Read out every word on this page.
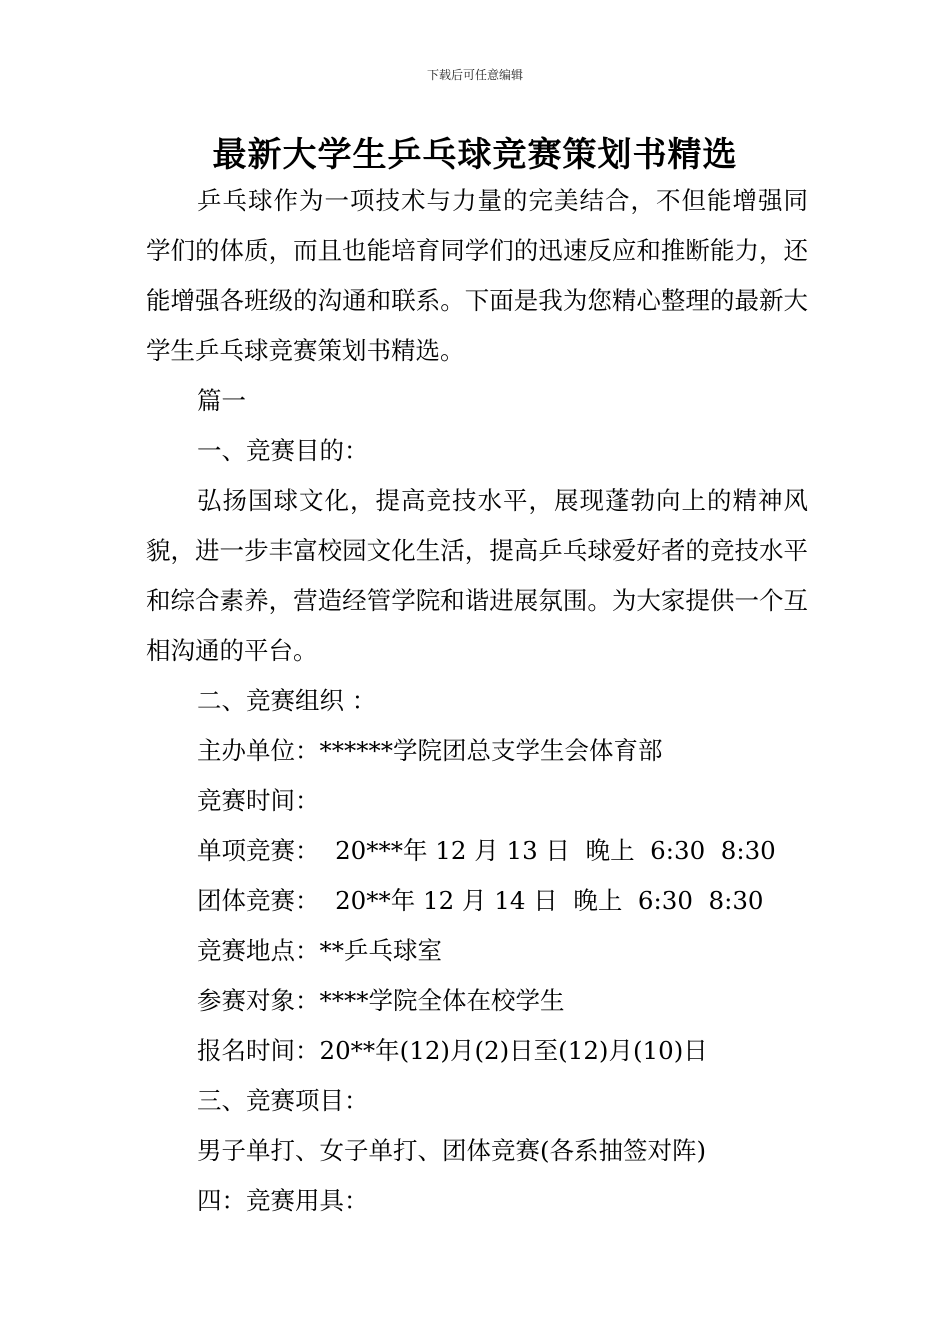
下载后可任意编辑
最新大学生乒乓球竞赛策划书精选

乒乓球作为一项技术与力量的完美结合，不但能增强同学们的体质，而且也能培育同学们的迅速反应和推断能力，还能增强各班级的沟通和联系。下面是我为您精心整理的最新大学生乒乓球竞赛策划书精选。

篇一

一、竞赛目的：

弘扬国球文化，提高竞技水平，展现蓬勃向上的精神风貌，进一步丰富校园文化生活，提高乒乓球爱好者的竞技水平和综合素养，营造经管学院和谐进展氛围。为大家提供一个互相沟通的平台。

二、竞赛组织 ：

主办单位：******学院团总支学生会体育部

竞赛时间：

单项竞赛：  20***年 12 月 13 日  晚上  6:30  8:30

团体竞赛：  20**年 12 月 14 日  晚上  6:30  8:30

竞赛地点：**乒乓球室

参赛对象：****学院全体在校学生

报名时间：20**年(12)月(2)日至(12)月(10)日

三、竞赛项目：

男子单打、女子单打、团体竞赛(各系抽签对阵)

四：竞赛用具：
